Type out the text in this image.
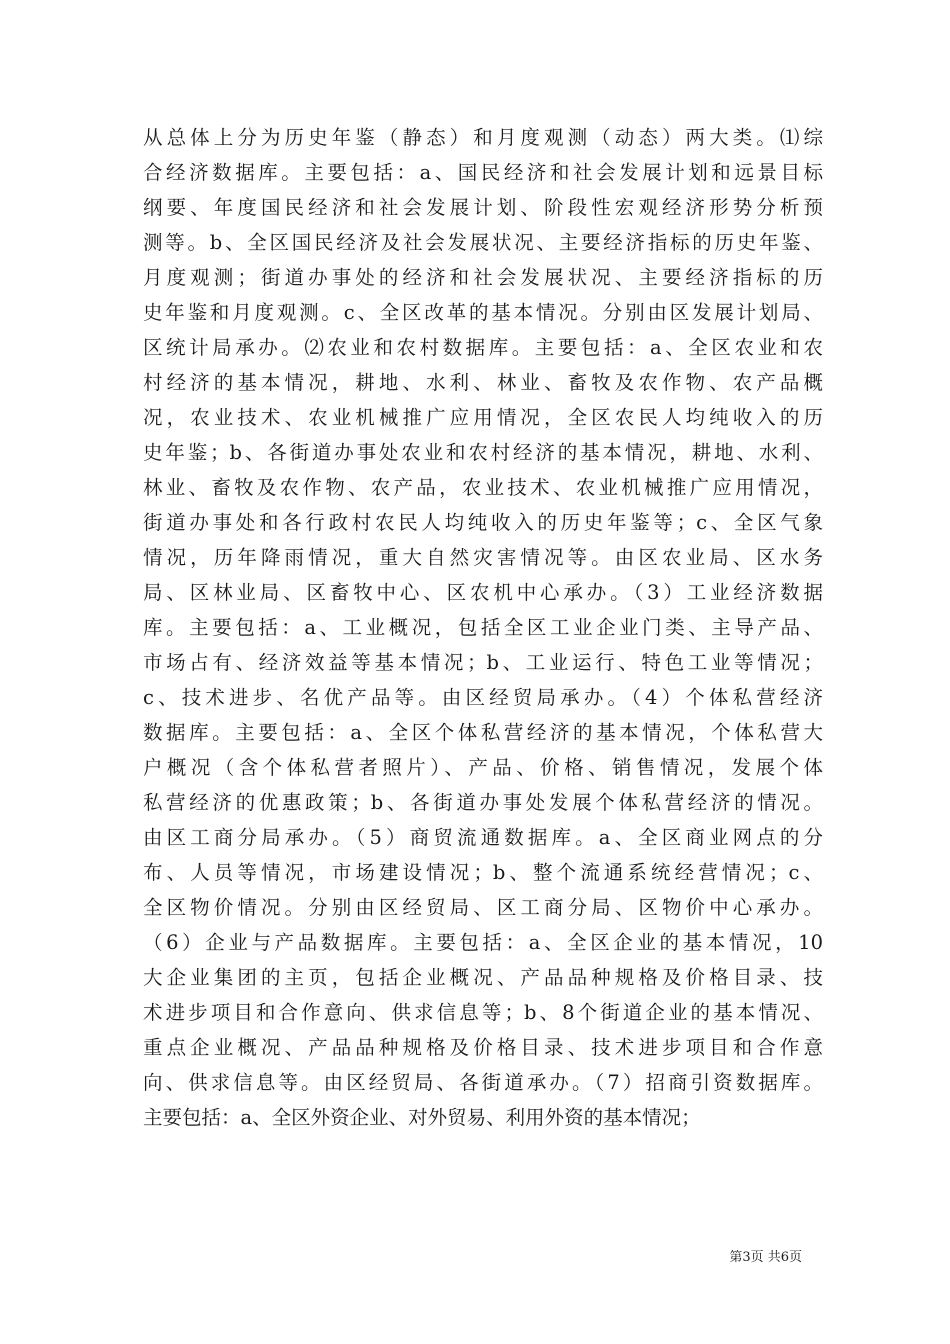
从总体上分为历史年鉴（静态）和月度观测（动态）两大类。⑴综
合经济数据库。主要包括：a、国民经济和社会发展计划和远景目标
纲要、年度国民经济和社会发展计划、阶段性宏观经济形势分析预
测等。b、全区国民经济及社会发展状况、主要经济指标的历史年鉴、
月度观测；街道办事处的经济和社会发展状况、主要经济指标的历
史年鉴和月度观测。c、全区改革的基本情况。分别由区发展计划局、
区统计局承办。⑵农业和农村数据库。主要包括：a、全区农业和农
村经济的基本情况，耕地、水利、林业、畜牧及农作物、农产品概
况，农业技术、农业机械推广应用情况，全区农民人均纯收入的历
史年鉴；b、各街道办事处农业和农村经济的基本情况，耕地、水利、
林业、畜牧及农作物、农产品，农业技术、农业机械推广应用情况，
街道办事处和各行政村农民人均纯收入的历史年鉴等；c、全区气象
情况，历年降雨情况，重大自然灾害情况等。由区农业局、区水务
局、区林业局、区畜牧中心、区农机中心承办。（3）工业经济数据
库。主要包括：a、工业概况，包括全区工业企业门类、主导产品、
市场占有、经济效益等基本情况；b、工业运行、特色工业等情况；
c、技术进步、名优产品等。由区经贸局承办。（4）个体私营经济
数据库。主要包括：a、全区个体私营经济的基本情况，个体私营大
户概况（含个体私营者照片）、产品、价格、销售情况，发展个体
私营经济的优惠政策；b、各街道办事处发展个体私营经济的情况。
由区工商分局承办。（5）商贸流通数据库。a、全区商业网点的分
布、人员等情况，市场建设情况；b、整个流通系统经营情况；c、
全区物价情况。分别由区经贸局、区工商分局、区物价中心承办。
（6）企业与产品数据库。主要包括：a、全区企业的基本情况，10
大企业集团的主页，包括企业概况、产品品种规格及价格目录、技
术进步项目和合作意向、供求信息等；b、8个街道企业的基本情况、
重点企业概况、产品品种规格及价格目录、技术进步项目和合作意
向、供求信息等。由区经贸局、各街道承办。（7）招商引资数据库。
主要包括：a、全区外资企业、对外贸易、利用外资的基本情况；
第3页 共6页
